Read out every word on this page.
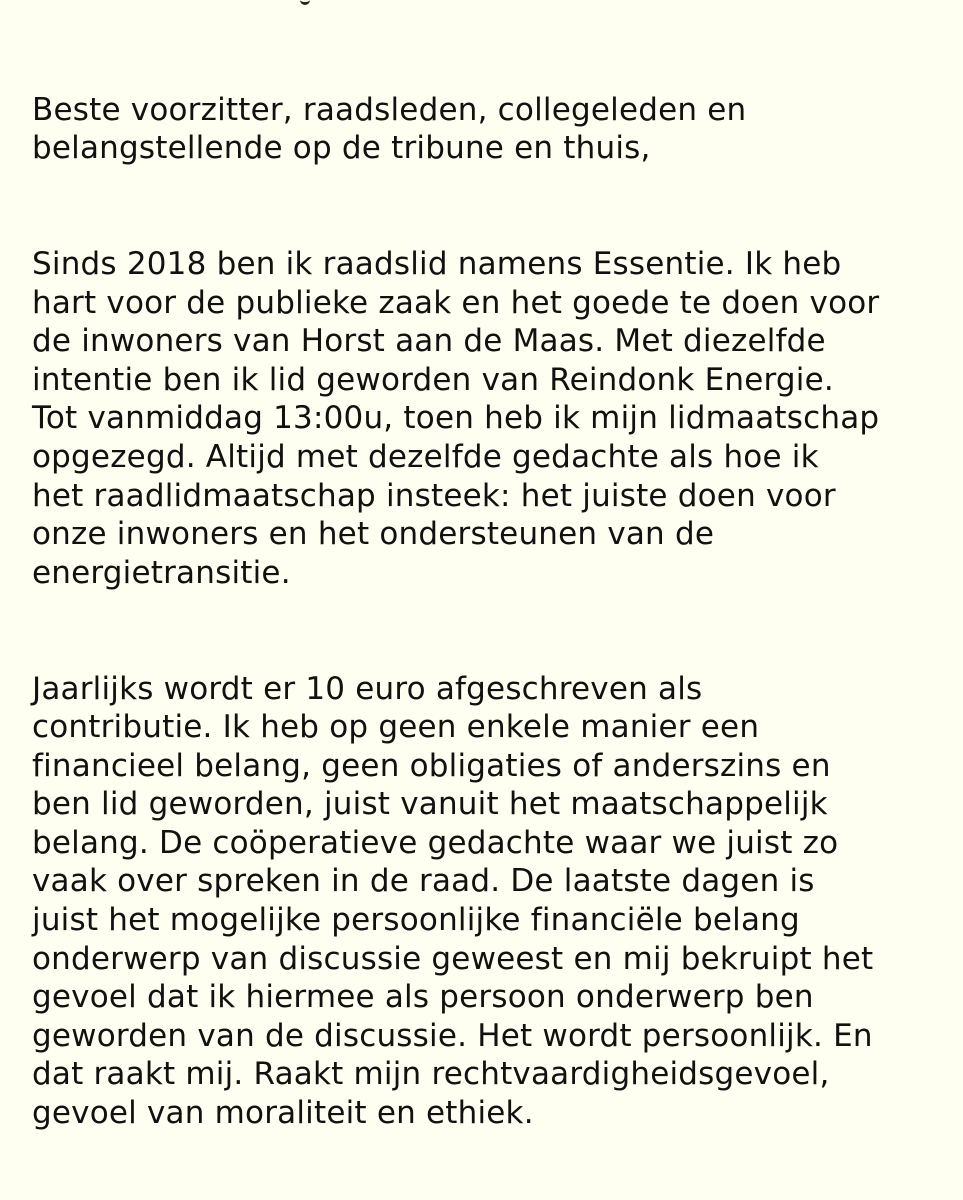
Beste voorzitter, raadsleden, collegeleden en
belangstellende op de tribune en thuis,

Sinds 2018 ben ik raadslid namens Essentie. Ik heb
hart voor de publieke zaak en het goede te doen voor
de inwoners van Horst aan de Maas. Met diezelfde
intentie ben ik lid geworden van Reindonk Energie.
Tot vanmiddag 13:00u, toen heb ik mijn lidmaatschap
opgezegd. Altijd met dezelfde gedachte als hoe ik
het raadlidmaatschap insteek: het juiste doen voor
onze inwoners en het ondersteunen van de
energietransitie.

Jaarlijks wordt er 10 euro afgeschreven als
contributie. Ik heb op geen enkele manier een
financieel belang, geen obligaties of anderszins en
ben lid geworden, juist vanuit het maatschappelijk
belang. De coöperatieve gedachte waar we juist zo
vaak over spreken in de raad. De laatste dagen is
juist het mogelijke persoonlijke financiële belang
onderwerp van discussie geweest en mij bekruipt het
gevoel dat ik hiermee als persoon onderwerp ben
geworden van de discussie. Het wordt persoonlijk. En
dat raakt mij. Raakt mijn rechtvaardigheidsgevoel,
gevoel van moraliteit en ethiek.
